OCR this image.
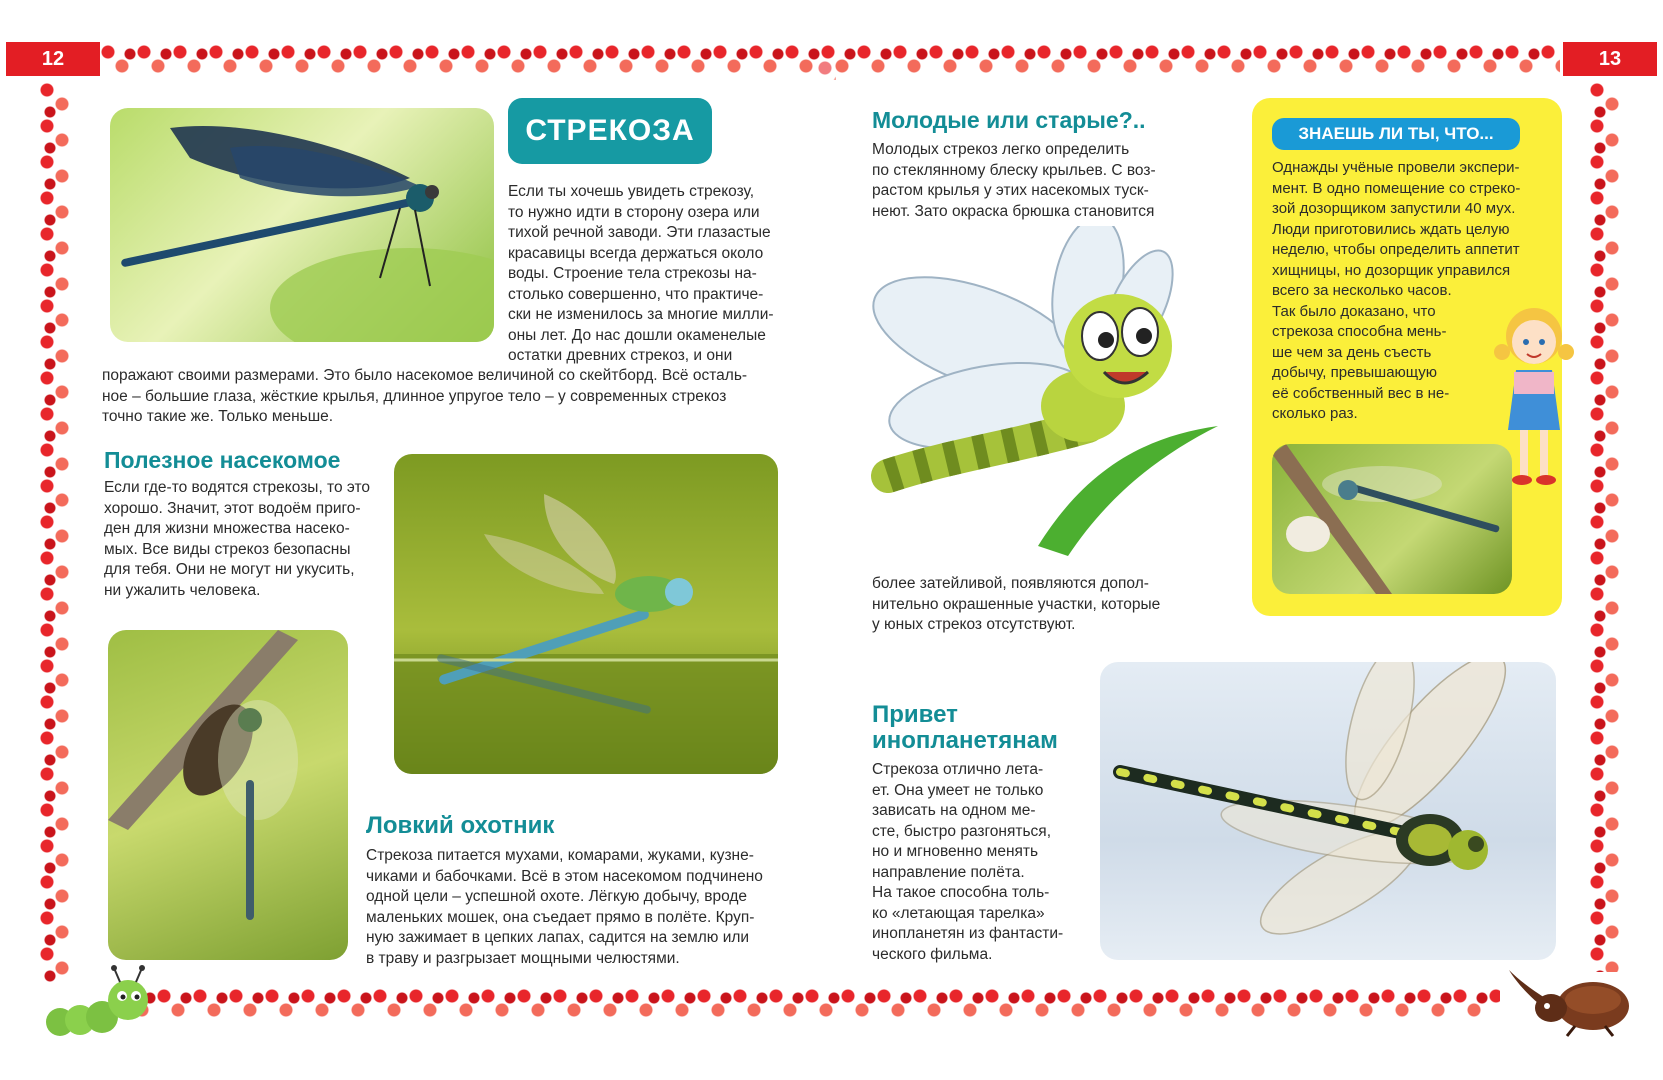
12	13
СТРЕКОЗА
Если ты хочешь увидеть стрекозу,
то нужно идти в сторону озера или
тихой речной заводи. Эти глазастые
красавицы всегда держаться около
воды. Строение тела стрекозы на-
столько совершенно, что практиче-
ски не изменилось за многие милли-
оны лет. До нас дошли окаменелые
остатки древних стрекоз, и они
поражают своими размерами. Это было насекомое величиной со скейтборд. Всё осталь-
ное – большие глаза, жёсткие крылья, длинное упругое тело – у современных стрекоз
точно такие же. Только меньше.
Полезное насекомое
Если где-то водятся стрекозы, то это
хорошо. Значит, этот водоём приго-
ден для жизни множества насеко-
мых. Все виды стрекоз безопасны
для тебя. Они не могут ни укусить,
ни ужалить человека.
Ловкий охотник
Стрекоза питается мухами, комарами, жуками, кузне-
чиками и бабочками. Всё в этом насекомом подчинено
одной цели – успешной охоте. Лёгкую добычу, вроде
маленьких мошек, она съедает прямо в полёте. Круп-
ную зажимает в цепких лапах, садится на землю или
в траву и разгрызает мощными челюстями.
Молодые или старые?..
Молодых стрекоз легко определить
по стеклянному блеску крыльев. С воз-
растом крылья у этих насекомых туск-
неют. Зато окраска брюшка становится
более затейливой, появляются допол-
нительно окрашенные участки, которые
у юных стрекоз отсутствуют.
ЗНАЕШЬ ЛИ ТЫ, ЧТО...
Однажды учёные провели экспери-
мент. В одно помещение со стреко-
зой дозорщиком запустили 40 мух.
Люди приготовились ждать целую
неделю, чтобы определить аппетит
хищницы, но дозорщик управился
всего за несколько часов.
Так было доказано, что
стрекоза способна мень-
ше чем за день съесть
добычу, превышающую
её собственный вес в не-
сколько раз.
Привет
инопланетянам
Стрекоза отлично лета-
ет. Она умеет не только
зависать на одном ме-
сте, быстро разгоняться,
но и мгновенно менять
направление полёта.
На такое способна толь-
ко «летающая тарелка»
инопланетян из фантасти-
ческого фильма.
